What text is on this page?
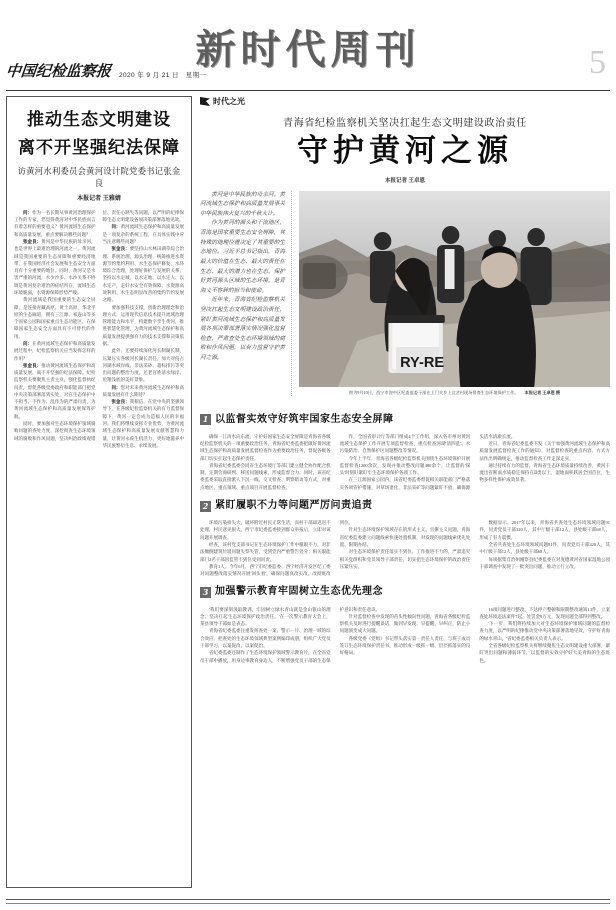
新时代周刊
中国纪检监察报 2020 年 9 月 21 日　星期一	5
推动生态文明建设
离不开坚强纪法保障
访黄河水利委员会黄河设计院党委书记张金良
本报记者 王雅婧

问：作为一名长期从事黄河治理保护工作的专家，您觉得黄河对中华民族而言有着怎样的重要意义？黄河流域生态保护和高质量发展，重点要解决哪些问题？

张金良：黄河是中华民族的母亲河，也是世界上最难治理的河流之一。黄河流域是我国重要的生态屏障和重要经济地带，在我国经济社会发展和生态安全方面具有十分重要的地位。同时，黄河又是水害严重的河流，水少沙多、水沙关系不协调是黄河复杂难治的症结所在，流域生态环境脆弱，水资源保障形势严峻。

黄河流域是我国重要的生态安全屏障，是连接青藏高原、黄土高原、华北平原的生态廊道，拥有三江源、祁连山等多个国家公园和国家重点生态功能区，在保障国家生态安全方面具有不可替代的作用。

问：在黄河流域生态保护和高质量发展过程中，纪检监察机关应当发挥怎样的作用？

张金良：推动黄河流域生态保护和高质量发展，离不开坚强的纪法保障。纪检监察机关要聚焦主责主业，强化监督执纪问责，督促各级党委政府和职能部门把党中央决策部署落到实处，对在生态保护中不担当、不作为、乱作为的严肃问责，为黄河流域生态保护和高质量发展保驾护航。

同时，要加强对生态环境保护领域腐败问题的查处力度，深挖彻查生态环境领域的腐败和作风问题，坚决纠治政绩观错位、责任心缺失等问题，以严明的纪律保障生态文明建设各项决策部署落地见效。

问：黄河流域生态保护和高质量发展是一项复杂的系统工程，在具体实践中应当注意哪些问题？

张金良：要坚持山水林田湖草综合治理、系统治理、源头治理，统筹推进水资源节约集约利用、水生态保护修复、水环境综合治理，处理好保护与发展的关系，坚持以水定城、以水定地、以水定人、以水定产，走好水安全有效保障、水资源高效利用、水生态明显改善的集约节约发展之路。

要加强科技支撑，创新治理理念和治理方式，运用现代信息技术提升流域治理管理能力和水平，构建数字孪生黄河，推进智慧化管理，为黄河流域生态保护和高质量发展提供强有力的技术支撑和决策依据。

此外，还要持续深化河长制湖长制，压紧压实各级河长湖长责任，加大对侵占河湖水域岸线、非法采砂、超标排污等突出问题的整治力度，还老百姓清水绿岸、鱼翔浅底的美好景象。

问：您对未来黄河流域生态保护和高质量发展有什么期待？

张金良：我相信，在党中央的坚强领导下，在各级纪检监察机关的有力监督保障下，黄河一定会成为造福人民的幸福河。我们将继续发挥专业优势，为黄河流域生态保护和高质量发展贡献智慧和力量，让黄河永葆生机活力，更好地滋养中华民族繁衍生息、永续发展。

时代之光
青海省纪检监察机关坚决扛起生态文明建设政治责任
守护黄河之源
本报记者 王卓恩

黄河是中华民族的母亲河。黄河流域生态保护和高质量发展事关中华民族伟大复兴的千秋大计。

作为黄河的源头和干流地区，青海是国家重要生态安全屏障，其特殊的地理位置决定了其重要的生态地位。习近平总书记指出，青海最大的价值在生态、最大的责任在生态、最大的潜力也在生态。保护好黄河源头区域的生态环境，是青海义不容辞的担当和使命。

近年来，青海省纪检监察机关坚决扛起生态文明建设政治责任，紧盯黄河流域生态保护和高质量发展各项决策部署落实情况强化监督检查，严肃查处生态环境领域的腐败和作风问题，以有力监督守护黄河之源。	RY-RE
图为9月10日，西宁市湟中区纪委监委干部在上门关乡上汶岔村现场督查生态环境保护工作。 本报记者 王卓恩 摄
1 以监督实效守好筑牢国家生态安全屏障

确保一江清水向东流，守护好国家生态安全屏障是青海省各级纪检监察机关的一项重要政治任务。青海省纪委监委把做好黄河流域生态保护和高质量发展监督检查作为重要政治任务，督促各级各部门切实扛起生态保护责任。

青海省纪委监委会同省生态环境厅等部门建立健全协作配合机制，定期会商研判、移送问题线索，形成监督合力。同时，该省纪委监委采取直接派人下沉一线、交叉检查、明察暗访等方式，对重点地区、重点领域、重点项目开展监督检查。

作，全国省审计厅等部门组成4个工作组，深入各市州对黄河流域生态保护工作开展专项监督检查，重点检查河湖'清四乱'、水污染防治、自然保护区问题整改等情况。

今年上半年，青海省各级纪检监察机关围绕生态环境保护开展监督检查1200余次，发现并推动整改问题480余个，让监督的'探头'时刻盯紧盯牢生态环境保护各项工作。

在三江源国家公园内，该省纪委监委督促相关职能部门严格落实各项管护措施，对草场退化、非法采矿等问题紧盯不放，确保源头活水清澈长流。

近日，青海省纪委监委下发《关于加强黄河流域生态保护和高质量发展监督检查工作的通知》，对监督检查的重点内容、方式方法作出明确规定，推动监督检查工作走深走实。

通过持续有力的监督，青海省生态环境质量持续改善，黄河干流出省断面水质稳定保持在Ⅱ类以上，湿地面积跃居全国首位，生物多样性保护成效显著。

2 紧盯履职不力等问题严厉问责追责

环境污染损失大，破坏附近村民正常生活，而村干部却迟迟不处理，村民意见很大。西宁市纪委监委接到群众举报后，立即对该问题开展调查。

经查，该村党支部书记在生态环境保护工作中履职不力，对非法倾倒建筑垃圾问题失察失管，受到党内严重警告处分；相关职能部门2名干部因监管不到位受到问责。

教育1人。今年6月，西宁市纪委监委、西宁经济开发区纪工委对问题整改落实情况开展'回头看'，确保问题真改实改、改彻底改到位。

针对生态环境保护领域存在的形式主义、官僚主义问题，青海省纪委监委建立问题线索快速处置机制，对发现的问题线索优先处置、限期办结。

对生态环境保护责任落实不到位、工作推进不力的，严肃追究相关党组织和党员领导干部责任，切实把生态环境保护的政治责任压紧压实。

数据显示，2017年以来，青海省共查处生态环境领域问题91件，问责党员干部320人，其中厅级干部12人、县处级干部68人，形成了有力震慑。

全省共查处生态环境领域问题91件，问责党员干部320人，其中厅级干部12人，县处级干部68人。

每项据集自治州刚察县纪委监委在对度德黄河省国家湿地公园干部调查中发现了一批突出问题，推动立行立改。

3 加强警示教育牢固树立生态优先理念

'我们要深刻汲取教训，牢固树立绿水青山就是金山银山的理念，坚决扛起生态环境保护政治责任。'在一次警示教育大会上，某县领导干部如是表态。

青海省纪委监委注重发挥查处一案、警示一片、治理一域的综合效应，把查处的生态环境领域典型案例编印成册，组织广大党员干部学习，以案促改、以案促治。

省纪委监委还制作了生态环境保护领域警示教育片，在全省党员干部中播放，用身边事教育身边人，不断增强党员干部的生态保护意识和责任意识。

针对监督检查中发现的苗头性倾向性问题，青海省各级纪检监察机关及时进行提醒谈话，做到早发现、早提醒、早纠正，防止小问题演变成大问题。

各级党委（党组）书记带头落实第一责任人责任，与班子成员签订生态环境保护责任书，推动形成一级抓一级、层层抓落实的良好格局。

16项问题进行整改，下达停产整顿和限期整改通知13件，立案查处环境违法案件7起，处罚金9万元，发现问题全部得到整改。

'下一步，我们将持续加大对生态环境保护领域问题的监督检查力度，以严明的纪律推动党中央决策部署落地见效，守护好青海的绿水青山。'省纪委监委相关负责人表示。

全省各级纪检监察机关将继续聚焦生态文明建设重大部署，紧盯突出问题和薄弱环节，以监督的实效守护好大美青海的生态底色。
